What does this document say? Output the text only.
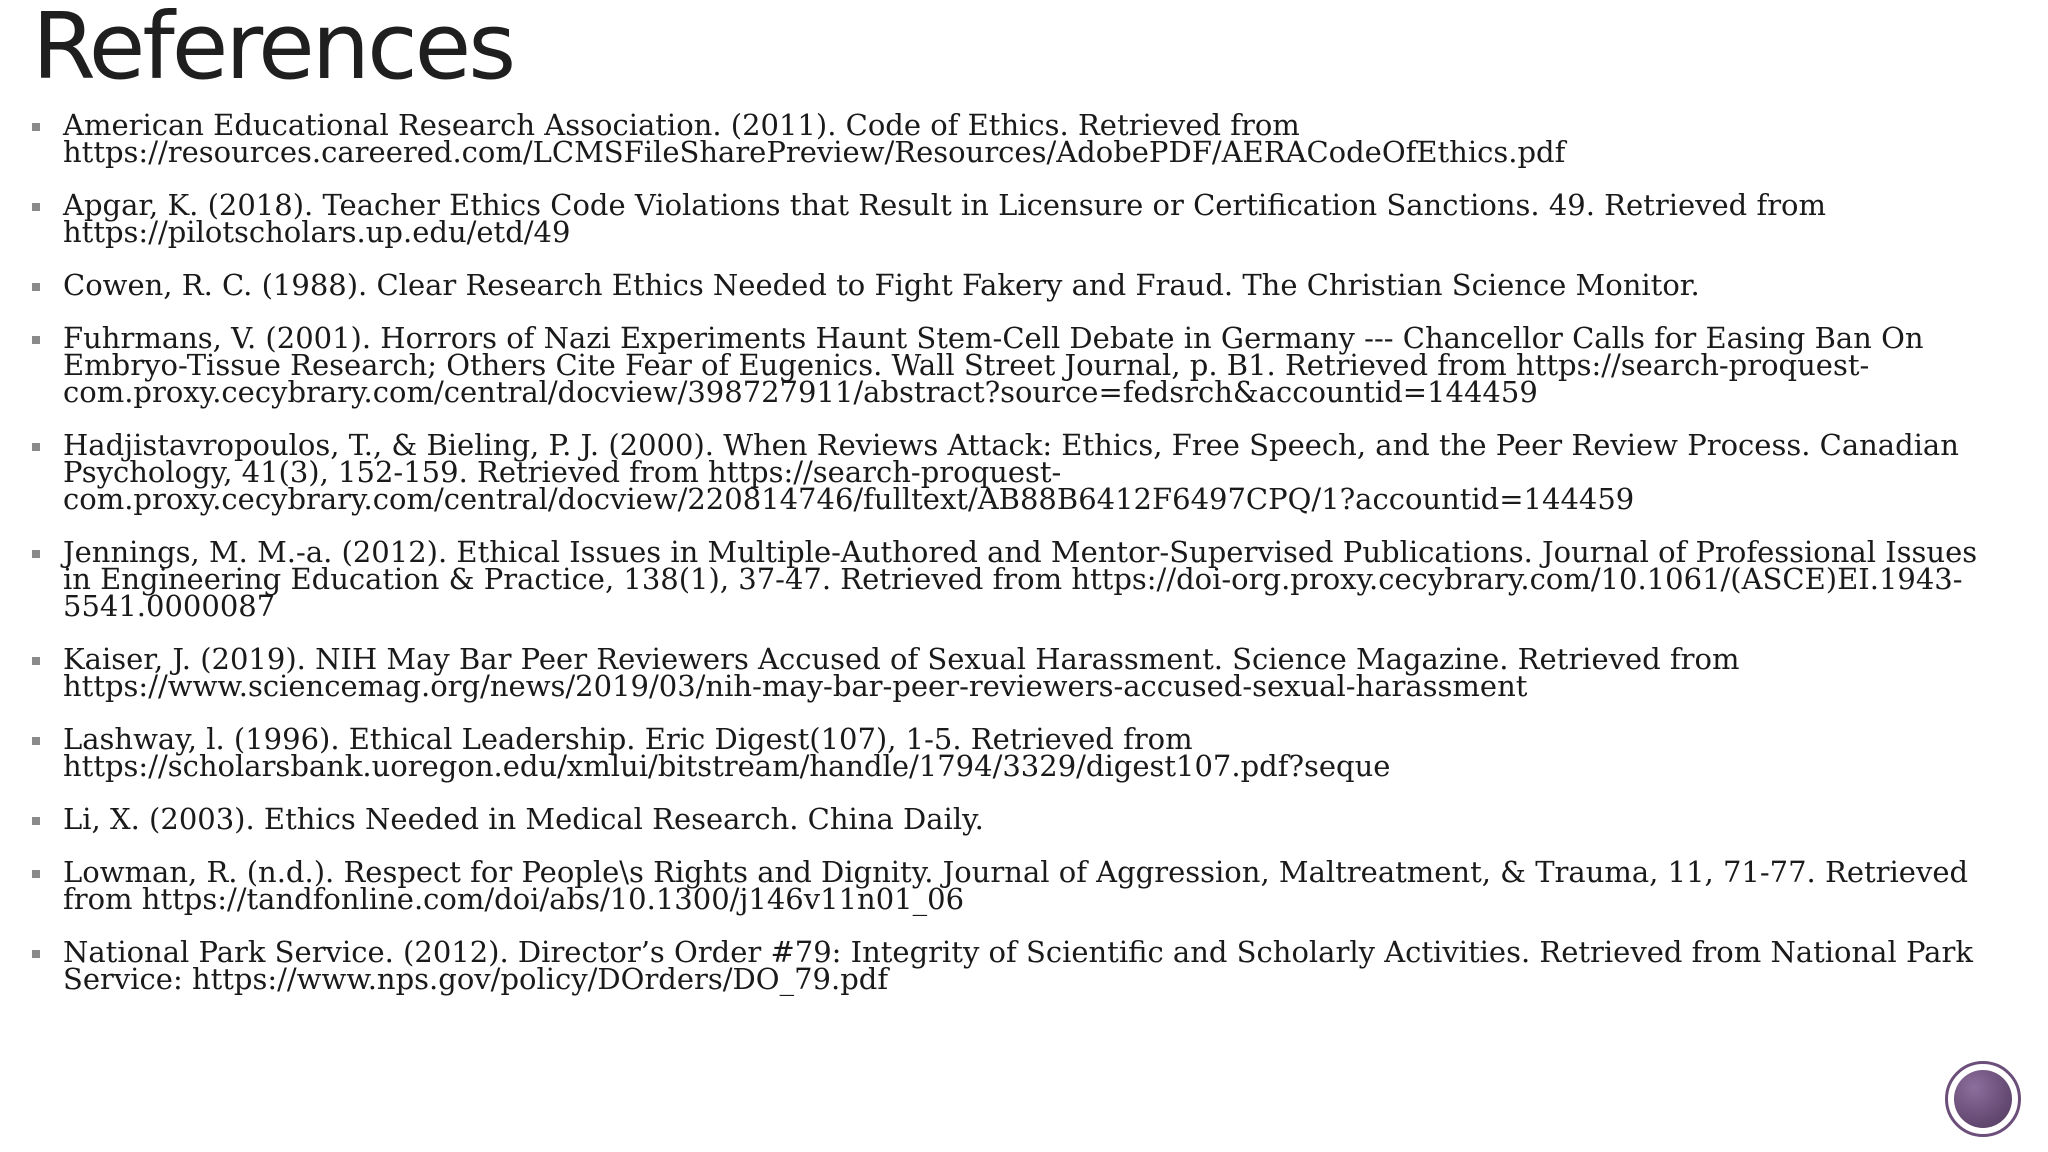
References
American Educational Research Association. (2011). Code of Ethics. Retrieved from https://resources.careered.com/LCMSFileSharePreview/Resources/AdobePDF/AERACodeOfEthics.pdf
Apgar, K. (2018). Teacher Ethics Code Violations that Result in Licensure or Certification Sanctions. 49. Retrieved from https://pilotscholars.up.edu/etd/49
Cowen, R. C. (1988). Clear Research Ethics Needed to Fight Fakery and Fraud. The Christian Science Monitor.
Fuhrmans, V. (2001). Horrors of Nazi Experiments Haunt Stem-Cell Debate in Germany --- Chancellor Calls for Easing Ban On Embryo-Tissue Research; Others Cite Fear of Eugenics. Wall Street Journal, p. B1. Retrieved from https://search-proquest-com.proxy.cecybrary.com/central/docview/398727911/abstract?source=fedsrch&accountid=144459
Hadjistavropoulos, T., & Bieling, P. J. (2000). When Reviews Attack: Ethics, Free Speech, and the Peer Review Process. Canadian Psychology, 41(3), 152-159. Retrieved from https://search-proquest-com.proxy.cecybrary.com/central/docview/220814746/fulltext/AB88B6412F6497CPQ/1?accountid=144459
Jennings, M. M.-a. (2012). Ethical Issues in Multiple-Authored and Mentor-Supervised Publications. Journal of Professional Issues in Engineering Education & Practice, 138(1), 37-47. Retrieved from https://doi-org.proxy.cecybrary.com/10.1061/(ASCE)EI.1943-5541.0000087
Kaiser, J. (2019). NIH May Bar Peer Reviewers Accused of Sexual Harassment. Science Magazine. Retrieved from https://www.sciencemag.org/news/2019/03/nih-may-bar-peer-reviewers-accused-sexual-harassment
Lashway, l. (1996). Ethical Leadership. Eric Digest(107), 1-5. Retrieved from https://scholarsbank.uoregon.edu/xmlui/bitstream/handle/1794/3329/digest107.pdf?seque
Li, X. (2003). Ethics Needed in Medical Research. China Daily.
Lowman, R. (n.d.). Respect for People\s Rights and Dignity. Journal of Aggression, Maltreatment, & Trauma, 11, 71-77. Retrieved from https://tandfonline.com/doi/abs/10.1300/j146v11n01_06
National Park Service. (2012). Director’s Order #79: Integrity of Scientific and Scholarly Activities. Retrieved from National Park Service: https://www.nps.gov/policy/DOrders/DO_79.pdf
